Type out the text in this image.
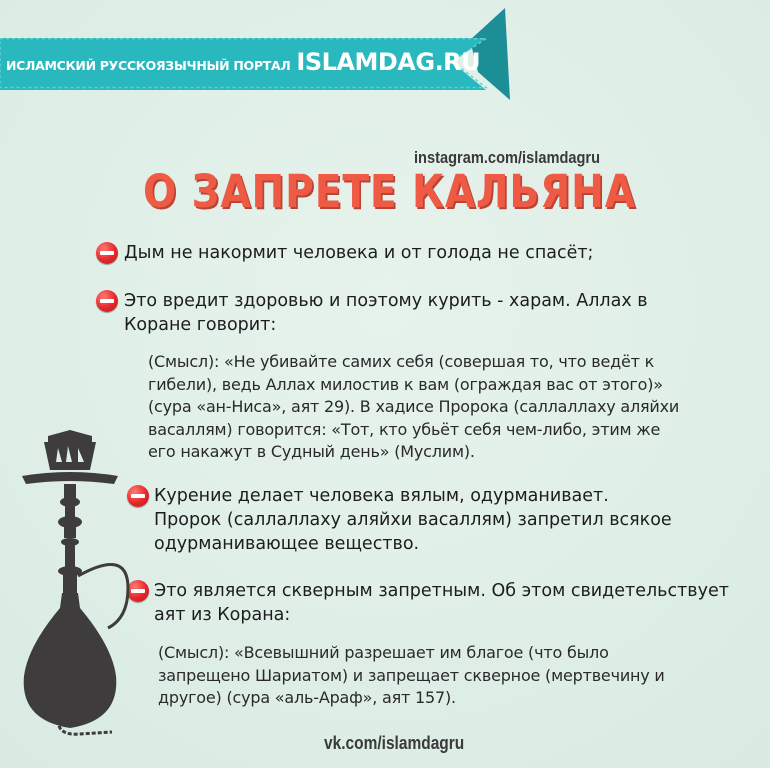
ИСЛАМСКИЙ РУССКОЯЗЫЧНЫЙ ПОРТАЛ ISLAMDAG.RU
instagram.com/islamdagru
О ЗАПРЕТЕ КАЛЬЯНА
Дым не накормит человека и от голода не спасёт;
Это вредит здоровью и поэтому курить - харам. Аллах в
Коране говорит:
(Смысл): «Не убивайте самих себя (совершая то, что ведёт к
гибели), ведь Аллах милостив к вам (ограждая вас от этого)»
(сура «ан-Ниса», аят 29). В хадисе Пророка (саллаллаху аляйхи
васаллям) говорится: «Тот, кто убьёт себя чем-либо, этим же
его накажут в Судный день» (Муслим).
Курение делает человека вялым, одурманивает.
Пророк (саллаллаху аляйхи васаллям) запретил всякое
одурманивающее вещество.
Это является скверным запретным. Об этом свидетельствует
аят из Корана:
(Смысл): «Всевышний разрешает им благое (что было
запрещено Шариатом) и запрещает скверное (мертвечину и
другое) (сура «аль-Араф», аят 157).
vk.com/islamdagru
